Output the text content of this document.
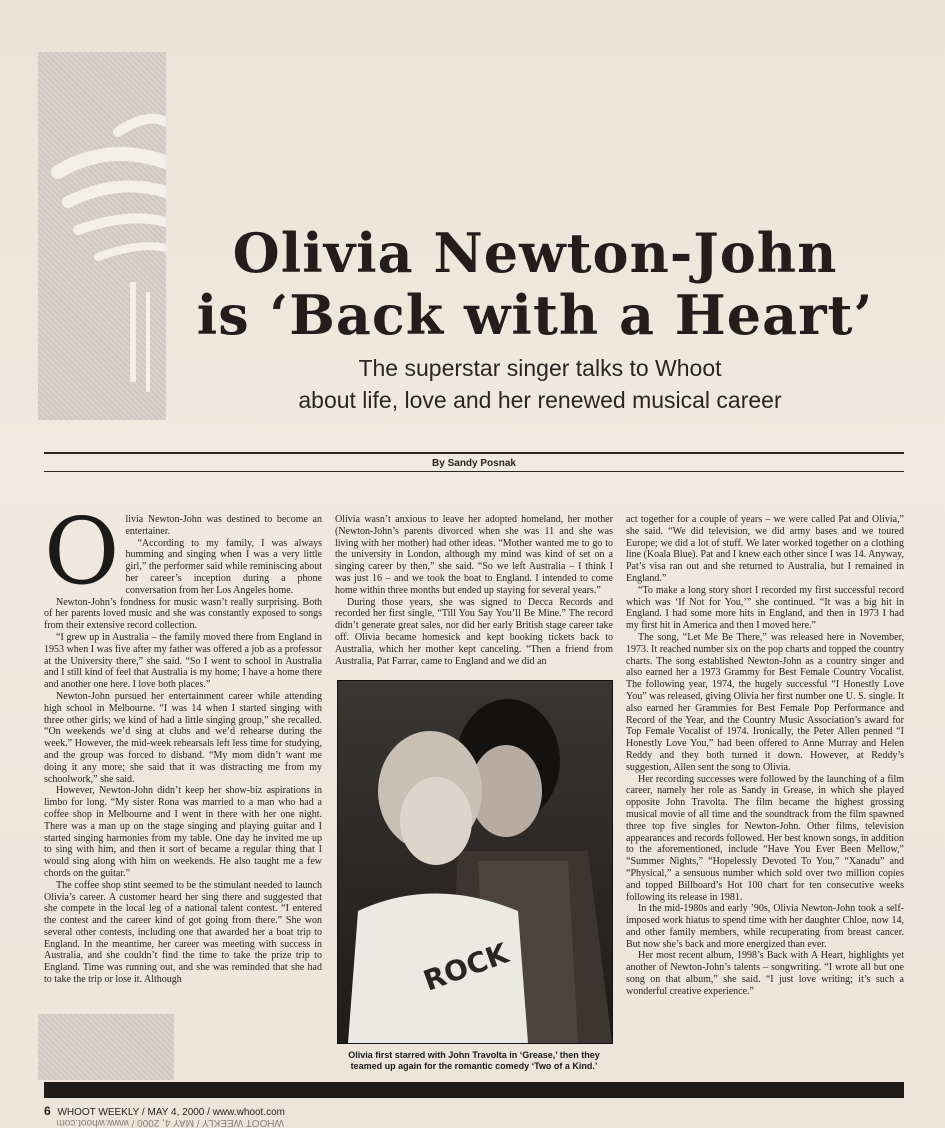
Olivia Newton-John
is ‘Back with a Heart’
The superstar singer talks to Whoot
about life, love and her renewed musical career
By Sandy Posnak
O livia Newton-John was destined to become an entertainer.

“According to my family, I was always humming and singing when I was a very little girl,” the performer said while reminiscing about her career’s inception during a phone conversation from her Los Angeles home.

Newton-John’s fondness for music wasn’t really surprising. Both of her parents loved music and she was constantly exposed to songs from their extensive record collection.

“I grew up in Australia – the family moved there from England in 1953 when I was five after my father was offered a job as a professor at the University there,” she said. “So I went to school in Australia and I still kind of feel that Australia is my home; I have a home there and another one here. I love both places.”

Newton-John pursued her entertainment career while attending high school in Melbourne. “I was 14 when I started singing with three other girls; we kind of had a little singing group,” she recalled. “On weekends we’d sing at clubs and we’d rehearse during the week.” However, the mid-week rehearsals left less time for studying, and the group was forced to disband. “My mom didn’t want me doing it any more; she said that it was distracting me from my schoolwork,” she said.

However, Newton-John didn’t keep her show-biz aspirations in limbo for long. “My sister Rona was married to a man who had a coffee shop in Melbourne and I went in there with her one night. There was a man up on the stage singing and playing guitar and I started singing harmonies from my table. One day he invited me up to sing with him, and then it sort of became a regular thing that I would sing along with him on weekends. He also taught me a few chords on the guitar.”

The coffee shop stint seemed to be the stimulant needed to launch Olivia’s career. A customer heard her sing there and suggested that she compete in the local leg of a national talent contest. “I entered the contest and the career kind of got going from there.” She won several other contests, including one that awarded her a boat trip to England. In the meantime, her career was meeting with success in Australia, and she couldn’t find the time to take the prize trip to England. Time was running out, and she was reminded that she had to take the trip or lose it. Although

Olivia wasn’t anxious to leave her adopted homeland, her mother (Newton-John’s parents divorced when she was 11 and she was living with her mother) had other ideas. “Mother wanted me to go to the university in London, although my mind was kind of set on a singing career by then,” she said. “So we left Australia – I think I was just 16 – and we took the boat to England. I intended to come home within three months but ended up staying for several years.”

During those years, she was signed to Decca Records and recorded her first single, “Till You Say You’ll Be Mine.” The record didn’t generate great sales, nor did her early British stage career take off. Olivia became homesick and kept booking tickets back to Australia, which her mother kept canceling. “Then a friend from Australia, Pat Farrar, came to England and we did an

ROCK
Olivia first starred with John Travolta in ‘Grease,’ then they
teamed up again for the romantic comedy ‘Two of a Kind.’

act together for a couple of years – we were called Pat and Olivia,” she said. “We did television, we did army bases and we toured Europe; we did a lot of stuff. We later worked together on a clothing line (Koala Blue). Pat and I knew each other since I was 14. Anyway, Pat’s visa ran out and she returned to Australia, but I remained in England.”

“To make a long story short I recorded my first successful record which was ‘If Not for You,’” she continued. “It was a big hit in England. I had some more hits in England, and then in 1973 I had my first hit in America and then I moved here.”

The song, “Let Me Be There,” was released here in November, 1973. It reached number six on the pop charts and topped the country charts. The song established Newton-John as a country singer and also earned her a 1973 Grammy for Best Female Country Vocalist. The following year, 1974, the hugely successful “I Honestly Love You” was released, giving Olivia her first number one U. S. single. It also earned her Grammies for Best Female Pop Performance and Record of the Year, and the Country Music Association’s award for Top Female Vocalist of 1974. Ironically, the Peter Allen penned “I Honestly Love You,” had been offered to Anne Murray and Helen Reddy and they both turned it down. However, at Reddy’s suggestion, Allen sent the song to Olivia.

Her recording successes were followed by the launching of a film career, namely her role as Sandy in Grease, in which she played opposite John Travolta. The film became the highest grossing musical movie of all time and the soundtrack from the film spawned three top five singles for Newton-John. Other films, television appearances and records followed. Her best known songs, in addition to the aforementioned, include “Have You Ever Been Mellow,” “Summer Nights,” “Hopelessly Devoted To You,” “Xanadu” and “Physical,” a sensuous number which sold over two million copies and topped Billboard’s Hot 100 chart for ten consecutive weeks following its release in 1981.

In the mid-1980s and early ’90s, Olivia Newton-John took a self-imposed work hiatus to spend time with her daughter Chloe, now 14, and other family members, while recuperating from breast cancer. But now she’s back and more energized than ever.

Her most recent album, 1998’s Back with A Heart, highlights yet another of Newton-John’s talents – songwriting. “I wrote all but one song on that album,” she said. “I just love writing; it’s such a wonderful creative experience.”

6 WHOOT WEEKLY / MAY 4, 2000 / www.whoot.com
WHOOT WEEKLY / MAY 4, 2000 / www.whoot.com
